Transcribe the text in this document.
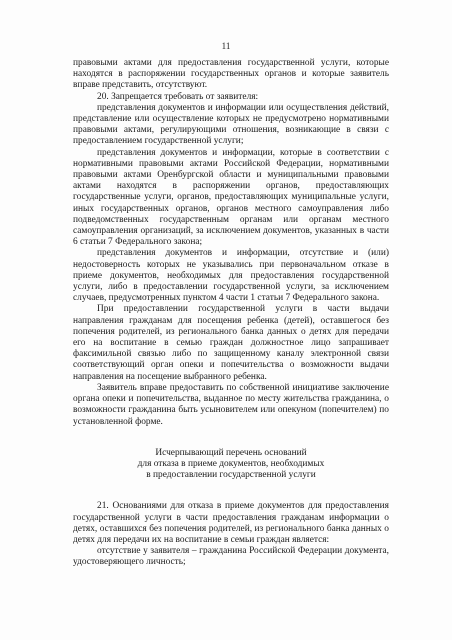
11

правовыми актами для предоставления государственной услуги, которые находятся в распоряжении государственных органов и которые заявитель вправе представить, отсутствуют.

20. Запрещается требовать от заявителя:

представления документов и информации или осуществления действий, представление или осуществление которых не предусмотрено нормативными правовыми актами, регулирующими отношения, возникающие в связи с предоставлением государственной услуги;

представления документов и информации, которые в соответствии с нормативными правовыми актами Российской Федерации, нормативными правовыми актами Оренбургской области и муниципальными правовыми актами находятся в распоряжении органов, предоставляющих государственные услуги, органов, предоставляющих муниципальные услуги, иных государственных органов, органов местного самоуправления либо подведомственных государственным органам или органам местного самоуправления организаций, за исключением документов, указанных в части 6 статьи 7 Федерального закона;

представления документов и информации, отсутствие и (или) недостоверность которых не указывались при первоначальном отказе в приеме документов, необходимых для предоставления государственной услуги, либо в предоставлении государственной услуги, за исключением случаев, предусмотренных пунктом 4 части 1 статьи 7 Федерального закона.

При предоставлении государственной услуги в части выдачи направления гражданам для посещения ребенка (детей), оставшегося без попечения родителей, из регионального банка данных о детях для передачи его на воспитание в семью граждан должностное лицо запрашивает факсимильной связью либо по защищенному каналу электронной связи соответствующий орган опеки и попечительства о возможности выдачи направления на посещение выбранного ребенка.

Заявитель вправе предоставить по собственной инициативе заключение органа опеки и попечительства, выданное по месту жительства гражданина, о возможности гражданина быть усыновителем или опекуном (попечителем) по установленной форме.

Исчерпывающий перечень оснований
для отказа в приеме документов, необходимых
в предоставлении государственной услуги

21. Основаниями для отказа в приеме документов для предоставления государственной услуги в части предоставления гражданам информации о детях, оставшихся без попечения родителей, из регионального банка данных о детях для передачи их на воспитание в семьи граждан является:

отсутствие у заявителя – гражданина Российской Федерации документа, удостоверяющего личность;
